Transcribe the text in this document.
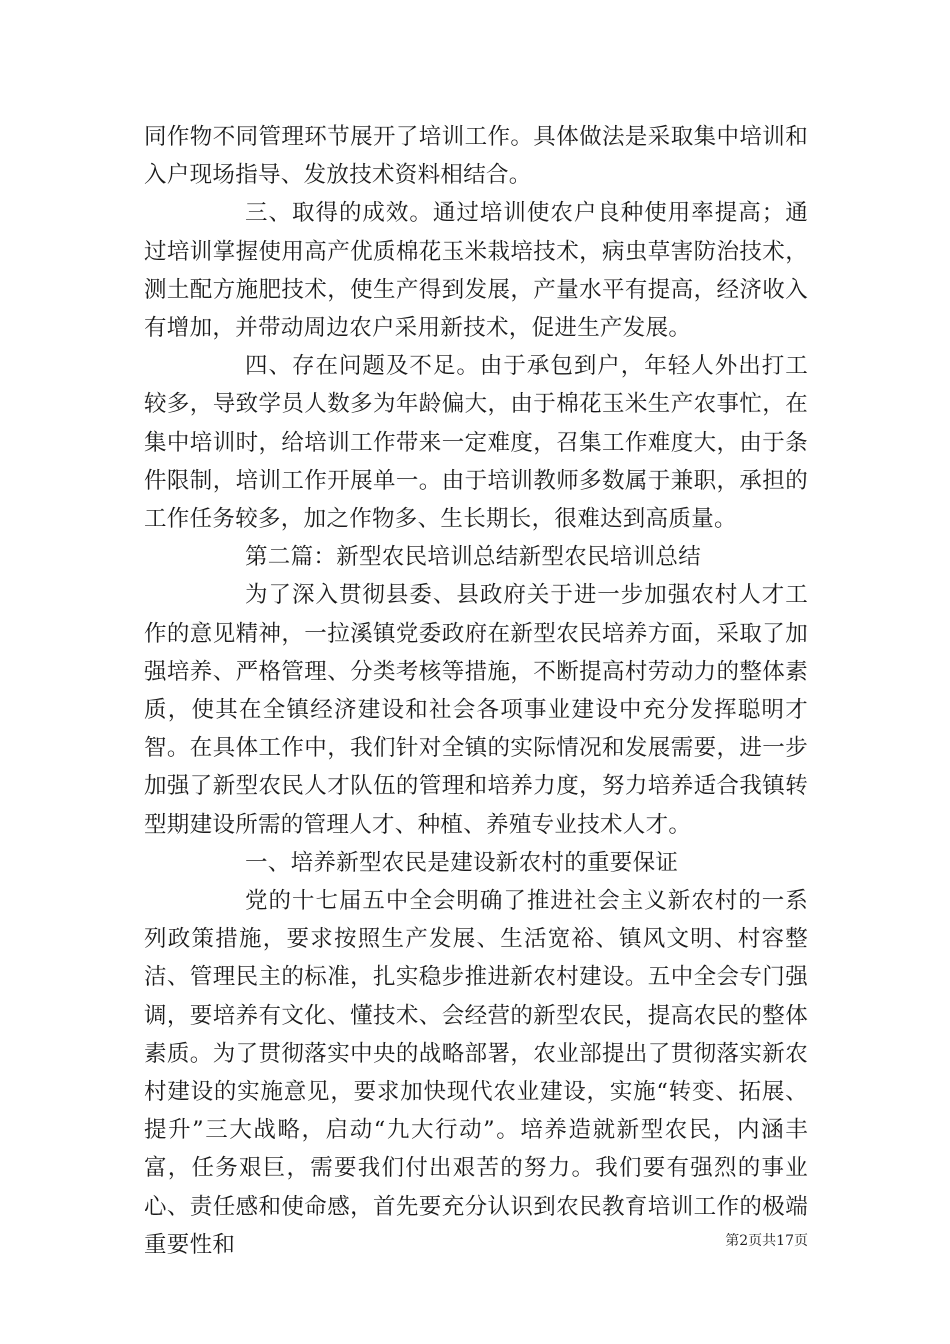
同作物不同管理环节展开了培训工作。具体做法是采取集中培训和入户现场指导、发放技术资料相结合。

三、取得的成效。通过培训使农户良种使用率提高；通过培训掌握使用高产优质棉花玉米栽培技术，病虫草害防治技术，测土配方施肥技术，使生产得到发展，产量水平有提高，经济收入有增加，并带动周边农户采用新技术，促进生产发展。

四、存在问题及不足。由于承包到户，年轻人外出打工较多，导致学员人数多为年龄偏大，由于棉花玉米生产农事忙，在集中培训时，给培训工作带来一定难度，召集工作难度大，由于条件限制，培训工作开展单一。由于培训教师多数属于兼职，承担的工作任务较多，加之作物多、生长期长，很难达到高质量。

第二篇：新型农民培训总结新型农民培训总结

为了深入贯彻县委、县政府关于进一步加强农村人才工作的意见精神，一拉溪镇党委政府在新型农民培养方面，采取了加强培养、严格管理、分类考核等措施，不断提高村劳动力的整体素质，使其在全镇经济建设和社会各项事业建设中充分发挥聪明才智。在具体工作中，我们针对全镇的实际情况和发展需要，进一步加强了新型农民人才队伍的管理和培养力度，努力培养适合我镇转型期建设所需的管理人才、种植、养殖专业技术人才。

一、培养新型农民是建设新农村的重要保证

党的十七届五中全会明确了推进社会主义新农村的一系列政策措施，要求按照生产发展、生活宽裕、镇风文明、村容整洁、管理民主的标准，扎实稳步推进新农村建设。五中全会专门强调，要培养有文化、懂技术、会经营的新型农民，提高农民的整体素质。为了贯彻落实中央的战略部署，农业部提出了贯彻落实新农村建设的实施意见，要求加快现代农业建设，实施“转变、拓展、提升”三大战略，启动“九大行动”。培养造就新型农民，内涵丰富，任务艰巨，需要我们付出艰苦的努力。我们要有强烈的事业心、责任感和使命感，首先要充分认识到农民教育培训工作的极端重要性和	第2页共17页
